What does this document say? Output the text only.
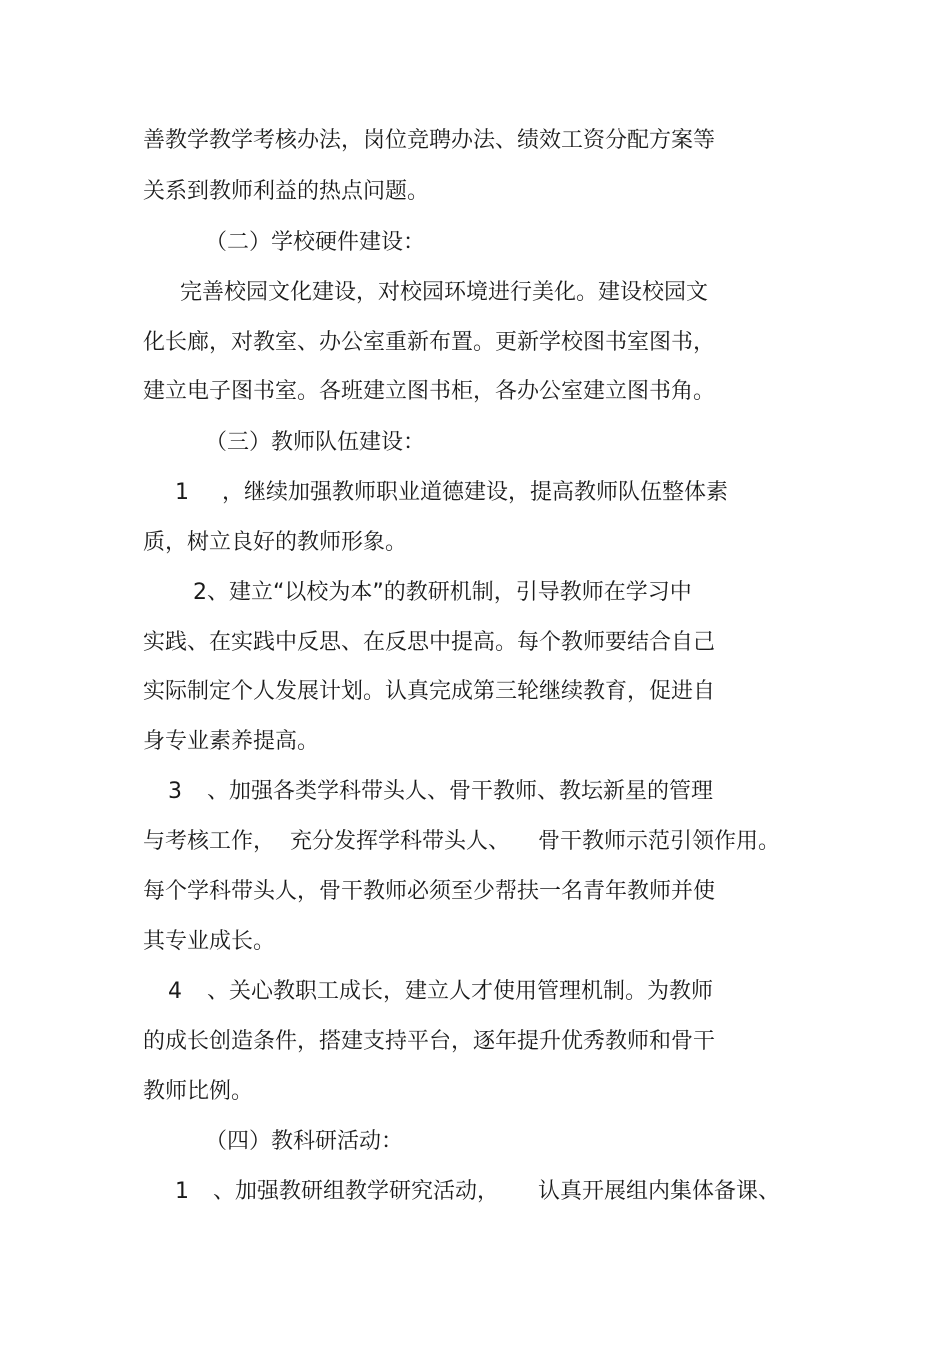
善教学教学考核办法，岗位竞聘办法、绩效工资分配方案等
关系到教师利益的热点问题。
（二）学校硬件建设：
完善校园文化建设，对校园环境进行美化。建设校园文
化长廊，对教室、办公室重新布置。更新学校图书室图书，
建立电子图书室。各班建立图书柜，各办公室建立图书角。
（三）教师队伍建设：
1 ，继续加强教师职业道德建设，提高教师队伍整体素
质，树立良好的教师形象。
2、建立“以校为本”的教研机制，引导教师在学习中
实践、在实践中反思、在反思中提高。每个教师要结合自己
实际制定个人发展计划。认真完成第三轮继续教育，促进自
身专业素养提高。
3 、加强各类学科带头人、骨干教师、教坛新星的管理
与考核工作， 充分发挥学科带头人、 骨干教师示范引领作用。
每个学科带头人，骨干教师必须至少帮扶一名青年教师并使
其专业成长。
4 、关心教职工成长，建立人才使用管理机制。为教师
的成长创造条件，搭建支持平台，逐年提升优秀教师和骨干
教师比例。
（四）教科研活动：
1 、加强教研组教学研究活动， 认真开展组内集体备课、
